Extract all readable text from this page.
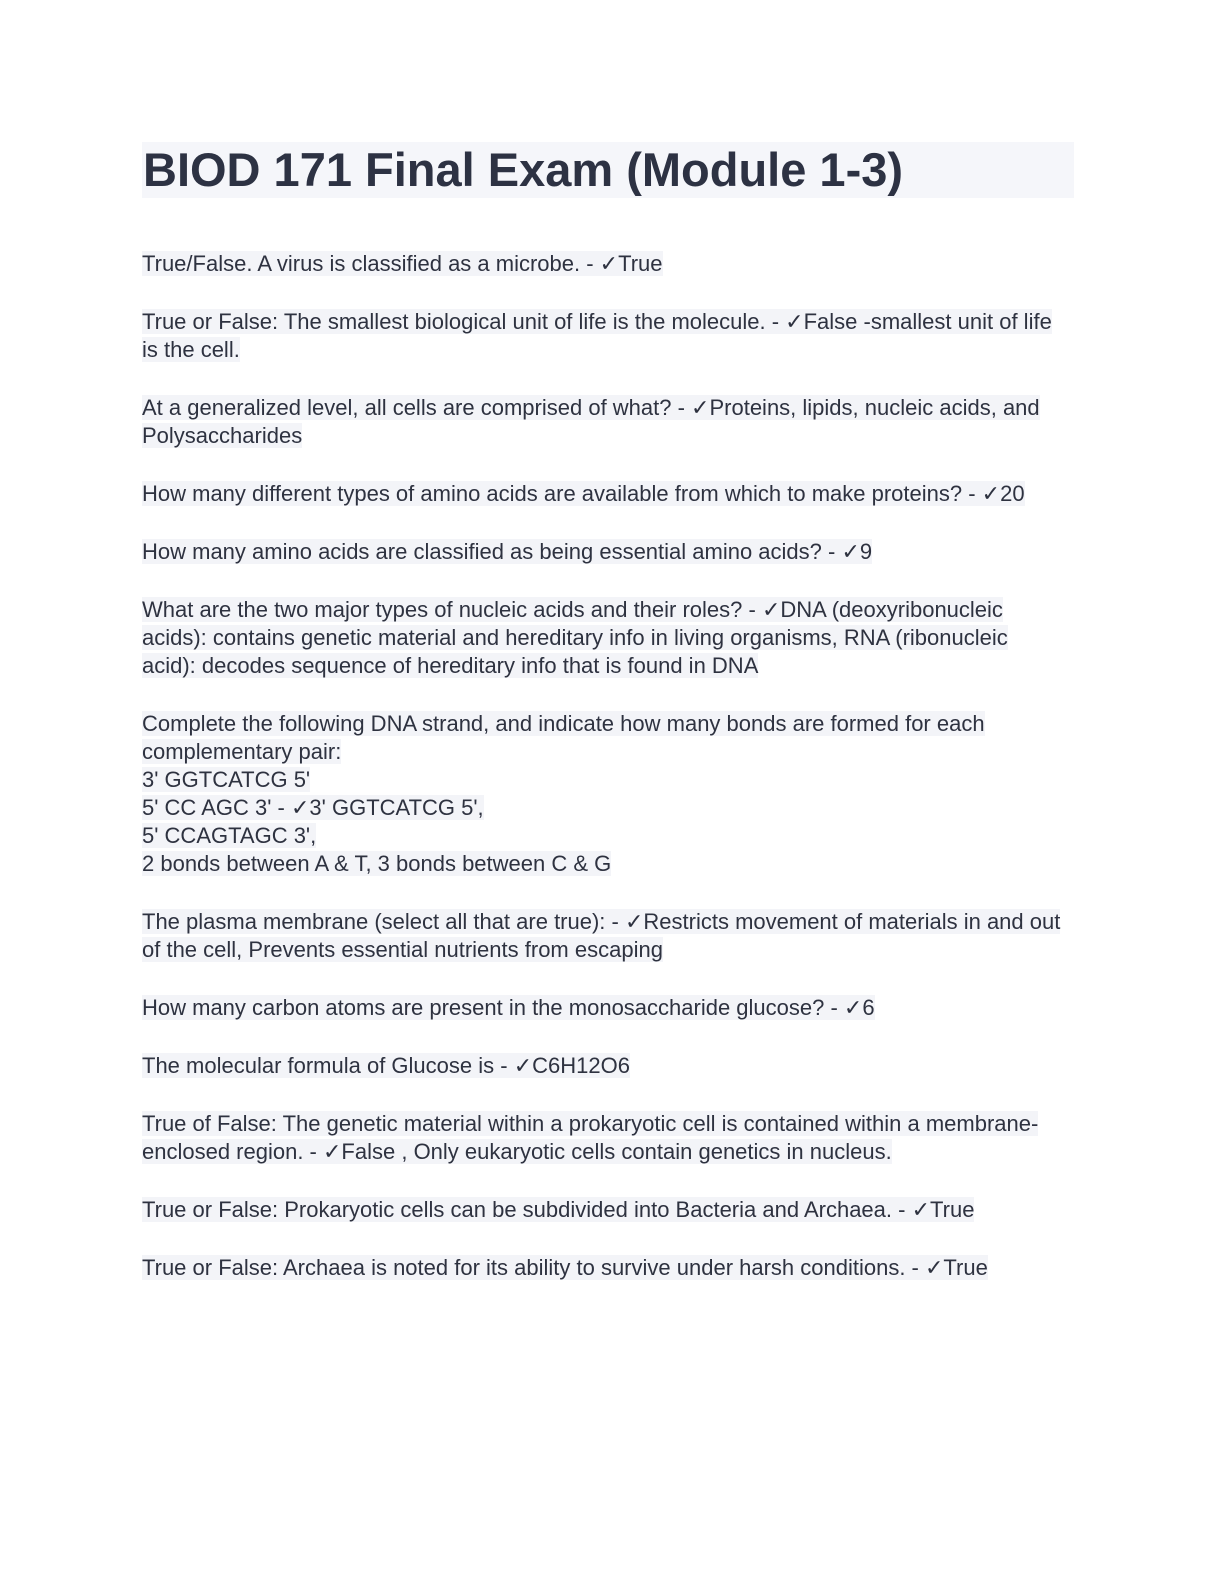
BIOD 171 Final Exam (Module 1-3)

True/False. A virus is classified as a microbe. - ✓True

True or False: The smallest biological unit of life is the molecule. - ✓False -smallest unit of life is the cell.

At a generalized level, all cells are comprised of what? - ✓Proteins, lipids, nucleic acids, and Polysaccharides

How many different types of amino acids are available from which to make proteins? - ✓20

How many amino acids are classified as being essential amino acids? - ✓9

What are the two major types of nucleic acids and their roles? - ✓DNA (deoxyribonucleic acids): contains genetic material and hereditary info in living organisms, RNA (ribonucleic acid): decodes sequence of hereditary info that is found in DNA

Complete the following DNA strand, and indicate how many bonds are formed for each complementary pair:
3' GGTCATCG 5'
5' CC AGC 3' - ✓3' GGTCATCG 5',
5' CCAGTAGC 3',
2 bonds between A & T, 3 bonds between C & G

The plasma membrane (select all that are true): - ✓Restricts movement of materials in and out of the cell, Prevents essential nutrients from escaping

How many carbon atoms are present in the monosaccharide glucose? - ✓6

The molecular formula of Glucose is - ✓C6H12O6

True of False: The genetic material within a prokaryotic cell is contained within a membrane-enclosed region. - ✓False , Only eukaryotic cells contain genetics in nucleus.

True or False: Prokaryotic cells can be subdivided into Bacteria and Archaea. - ✓True

True or False: Archaea is noted for its ability to survive under harsh conditions. - ✓True
